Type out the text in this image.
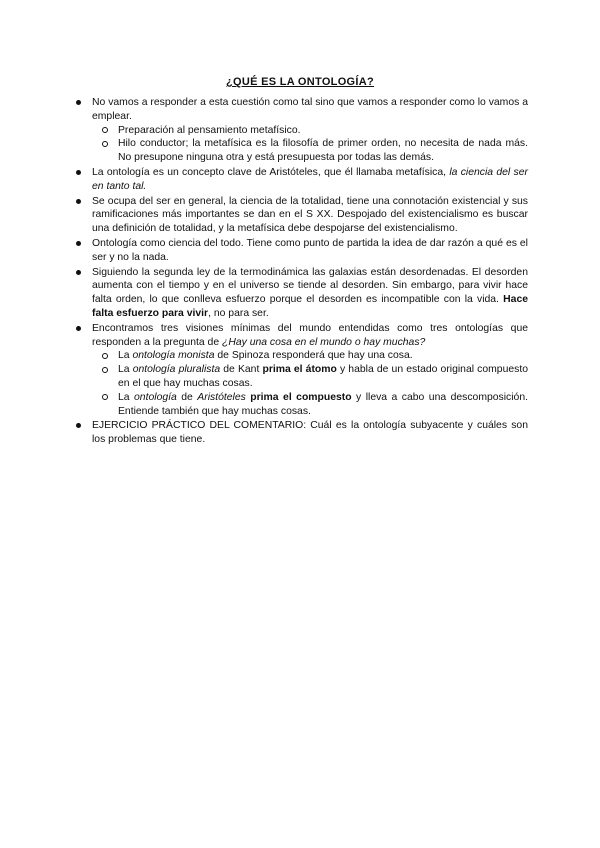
¿QUÉ ES LA ONTOLOGÍA?
No vamos a responder a esta cuestión como tal sino que vamos a responder como lo vamos a emplear.
Preparación al pensamiento metafísico.
Hilo conductor; la metafísica es la filosofía de primer orden, no necesita de nada más. No presupone ninguna otra y está presupuesta por todas las demás.
La ontología es un concepto clave de Aristóteles, que él llamaba metafísica, la ciencia del ser en tanto tal.
Se ocupa del ser en general, la ciencia de la totalidad, tiene una connotación existencial y sus ramificaciones más importantes se dan en el S XX. Despojado del existencialismo es buscar una definición de totalidad, y la metafísica debe despojarse del existencialismo.
Ontología como ciencia del todo. Tiene como punto de partida la idea de dar razón a qué es el ser y no la nada.
Siguiendo la segunda ley de la termodinámica las galaxias están desordenadas. El desorden aumenta con el tiempo y en el universo se tiende al desorden. Sin embargo, para vivir hace falta orden, lo que conlleva esfuerzo porque el desorden es incompatible con la vida. Hace falta esfuerzo para vivir, no para ser.
Encontramos tres visiones mínimas del mundo entendidas como tres ontologías que responden a la pregunta de ¿Hay una cosa en el mundo o hay muchas?
La ontología monista de Spinoza responderá que hay una cosa.
La ontología pluralista de Kant prima el átomo y habla de un estado original compuesto en el que hay muchas cosas.
La ontología de Aristóteles prima el compuesto y lleva a cabo una descomposición. Entiende también que hay muchas cosas.
EJERCICIO PRÁCTICO DEL COMENTARIO: Cuál es la ontología subyacente y cuáles son los problemas que tiene.
